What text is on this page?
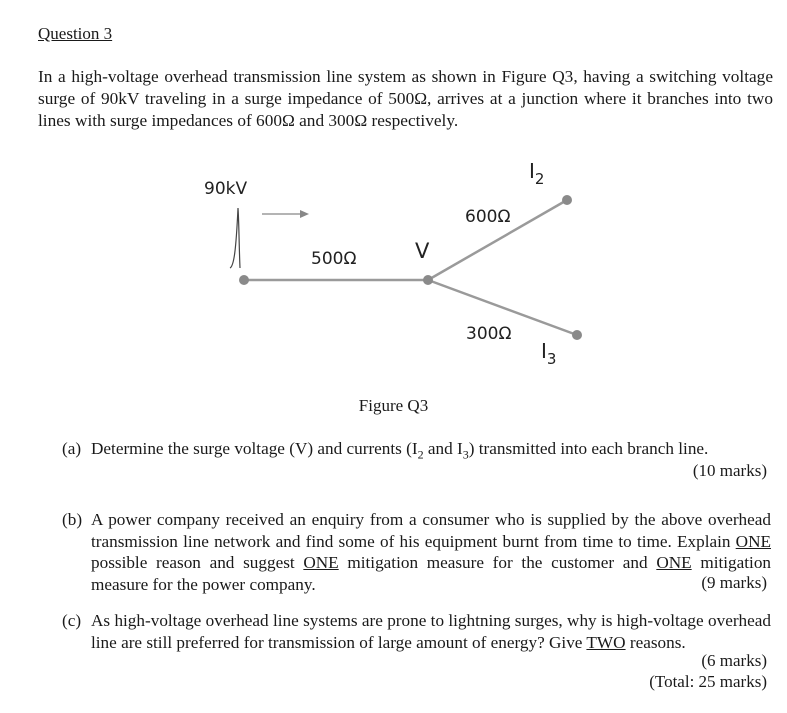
Question 3
In a high-voltage overhead transmission line system as shown in Figure Q3, having a switching voltage surge of 90kV traveling in a surge impedance of 500Ω, arrives at a junction where it branches into two lines with surge impedances of 600Ω and 300Ω respectively.
90kV
500Ω	V
600Ω
300Ω
$I_2$
$I_3$
Figure Q3
(a) Determine the surge voltage (V) and currents ($I_2$ and $I_3$) transmitted into each branch line.
(10 marks)
(b) A power company received an enquiry from a consumer who is supplied by the above overhead transmission line network and find some of his equipment burnt from time to time. Explain ONE possible reason and suggest ONE mitigation measure for the customer and ONE mitigation measure for the power company.	(9 marks)
(c) As high-voltage overhead line systems are prone to lightning surges, why is high-voltage overhead line are still preferred for transmission of large amount of energy? Give TWO reasons.
(6 marks)
(Total: 25 marks)
